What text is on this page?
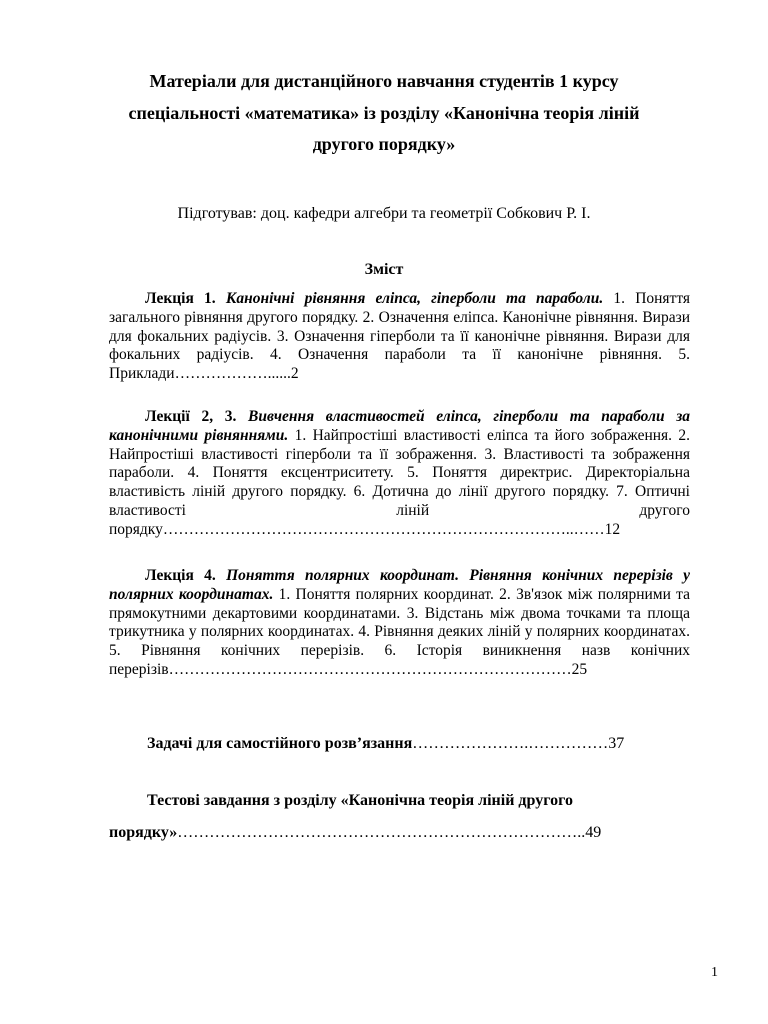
Матеріали для дистанційного навчання студентів 1 курсу спеціальності «математика» із розділу «Канонічна теорія ліній другого порядку»
Підготував: доц. кафедри алгебри та геометрії Собкович Р. І.
Зміст
Лекція 1. Канонічні рівняння еліпса, гіперболи та параболи. 1. Поняття загального рівняння другого порядку. 2. Означення еліпса. Канонічне рівняння. Вирази для фокальних радіусів. 3. Означення гіперболи та її канонічне рівняння. Вирази для фокальних радіусів. 4. Означення параболи та її канонічне рівняння. 5. Приклади………………......2
Лекції 2, 3. Вивчення властивостей еліпса, гіперболи та параболи за канонічними рівняннями. 1. Найпростіші властивості еліпса та його зображення. 2. Найпростіші властивості гіперболи та її зображення. 3. Властивості та зображення параболи. 4. Поняття ексцентриситету. 5. Поняття директрис. Директоріальна властивість ліній другого порядку. 6. Дотична до лінії другого порядку. 7. Оптичні властивості ліній другого порядку……………………………………………………………………..……12
Лекція 4. Поняття полярних координат. Рівняння конічних перерізів у полярних координатах. 1. Поняття полярних координат. 2. Зв'язок між полярними та прямокутними декартовими координатами. 3. Відстань між двома точками та площа трикутника у полярних координатах. 4. Рівняння деяких ліній у полярних координатах. 5. Рівняння конічних перерізів. 6. Історія виникнення назв конічних перерізів……………………………………………………………………25
Задачі для самостійного розв’язання………………….……………37
Тестові завдання з розділу «Канонічна теорія ліній другого
порядку»…………………………………………………………………..49
1
